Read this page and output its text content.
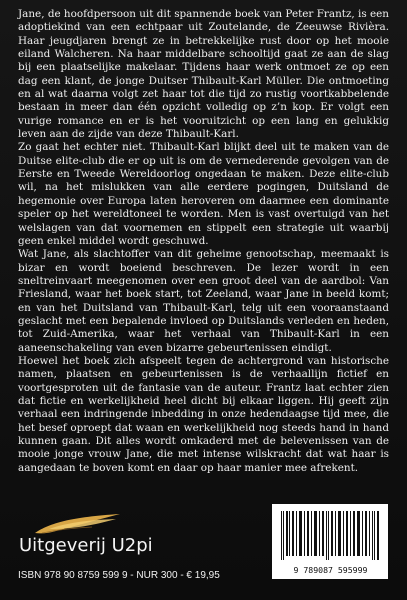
Jane, de hoofdpersoon uit dit spannende boek van Peter Frantz, is een adoptiekind van een echtpaar uit Zoutelande, de Zeeuwse Rivièra. Haar jeugdjaren brengt ze in betrekkelijke rust door op het mooie eiland Walcheren. Na haar middelbare schooltijd gaat ze aan de slag bij een plaatselijke makelaar. Tijdens haar werk ontmoet ze op een dag een klant, de jonge Duitser Thibault-Karl Müller. Die ontmoeting en al wat daarna volgt zet haar tot die tijd zo rustig voortkabbelende bestaan in meer dan één opzicht volledig op z’n kop. Er volgt een vurige romance en er is het vooruitzicht op een lang en gelukkig leven aan de zijde van deze Thibault-Karl.

Zo gaat het echter niet. Thibault-Karl blijkt deel uit te maken van de Duitse elite-club die er op uit is om de vernederende gevolgen van de Eerste en Tweede Wereldoorlog ongedaan te maken. Deze elite-club wil, na het mislukken van alle eerdere pogingen, Duitsland de hegemonie over Europa laten heroveren om daarmee een dominante speler op het wereldtoneel te worden. Men is vast overtuigd van het welslagen van dat voornemen en stippelt een strategie uit waarbij geen enkel middel wordt geschuwd.

Wat Jane, als slachtoffer van dit geheime genootschap, meemaakt is bizar en wordt boeiend beschreven. De lezer wordt in een sneltreinvaart meegenomen over een groot deel van de aardbol: Van Friesland, waar het boek start, tot Zeeland, waar Jane in beeld komt; en van het Duitsland van Thibault-Karl, telg uit een vooraanstaand geslacht met een bepalende invloed op Duitslands verleden en heden, tot Zuid-Amerika, waar het verhaal van Thibault-Karl in een aaneenschakeling van even bizarre gebeurtenissen eindigt.

Hoewel het boek zich afspeelt tegen de achtergrond van historische namen, plaatsen en gebeurtenissen is de verhaallijn fictief en voortgesproten uit de fantasie van de auteur. Frantz laat echter zien dat fictie en werkelijkheid heel dicht bij elkaar liggen. Hij geeft zijn verhaal een indringende inbedding in onze hedendaagse tijd mee, die het besef oproept dat waan en werkelijkheid nog steeds hand in hand kunnen gaan. Dit alles wordt omkaderd met de belevenissen van de mooie jonge vrouw Jane, die met intense wilskracht dat wat haar is aangedaan te boven komt en daar op haar manier mee afrekent.

Uitgeverij U2pi
ISBN 978 90 8759 599 9 - NUR 300 - € 19,95	9 789087 595999
